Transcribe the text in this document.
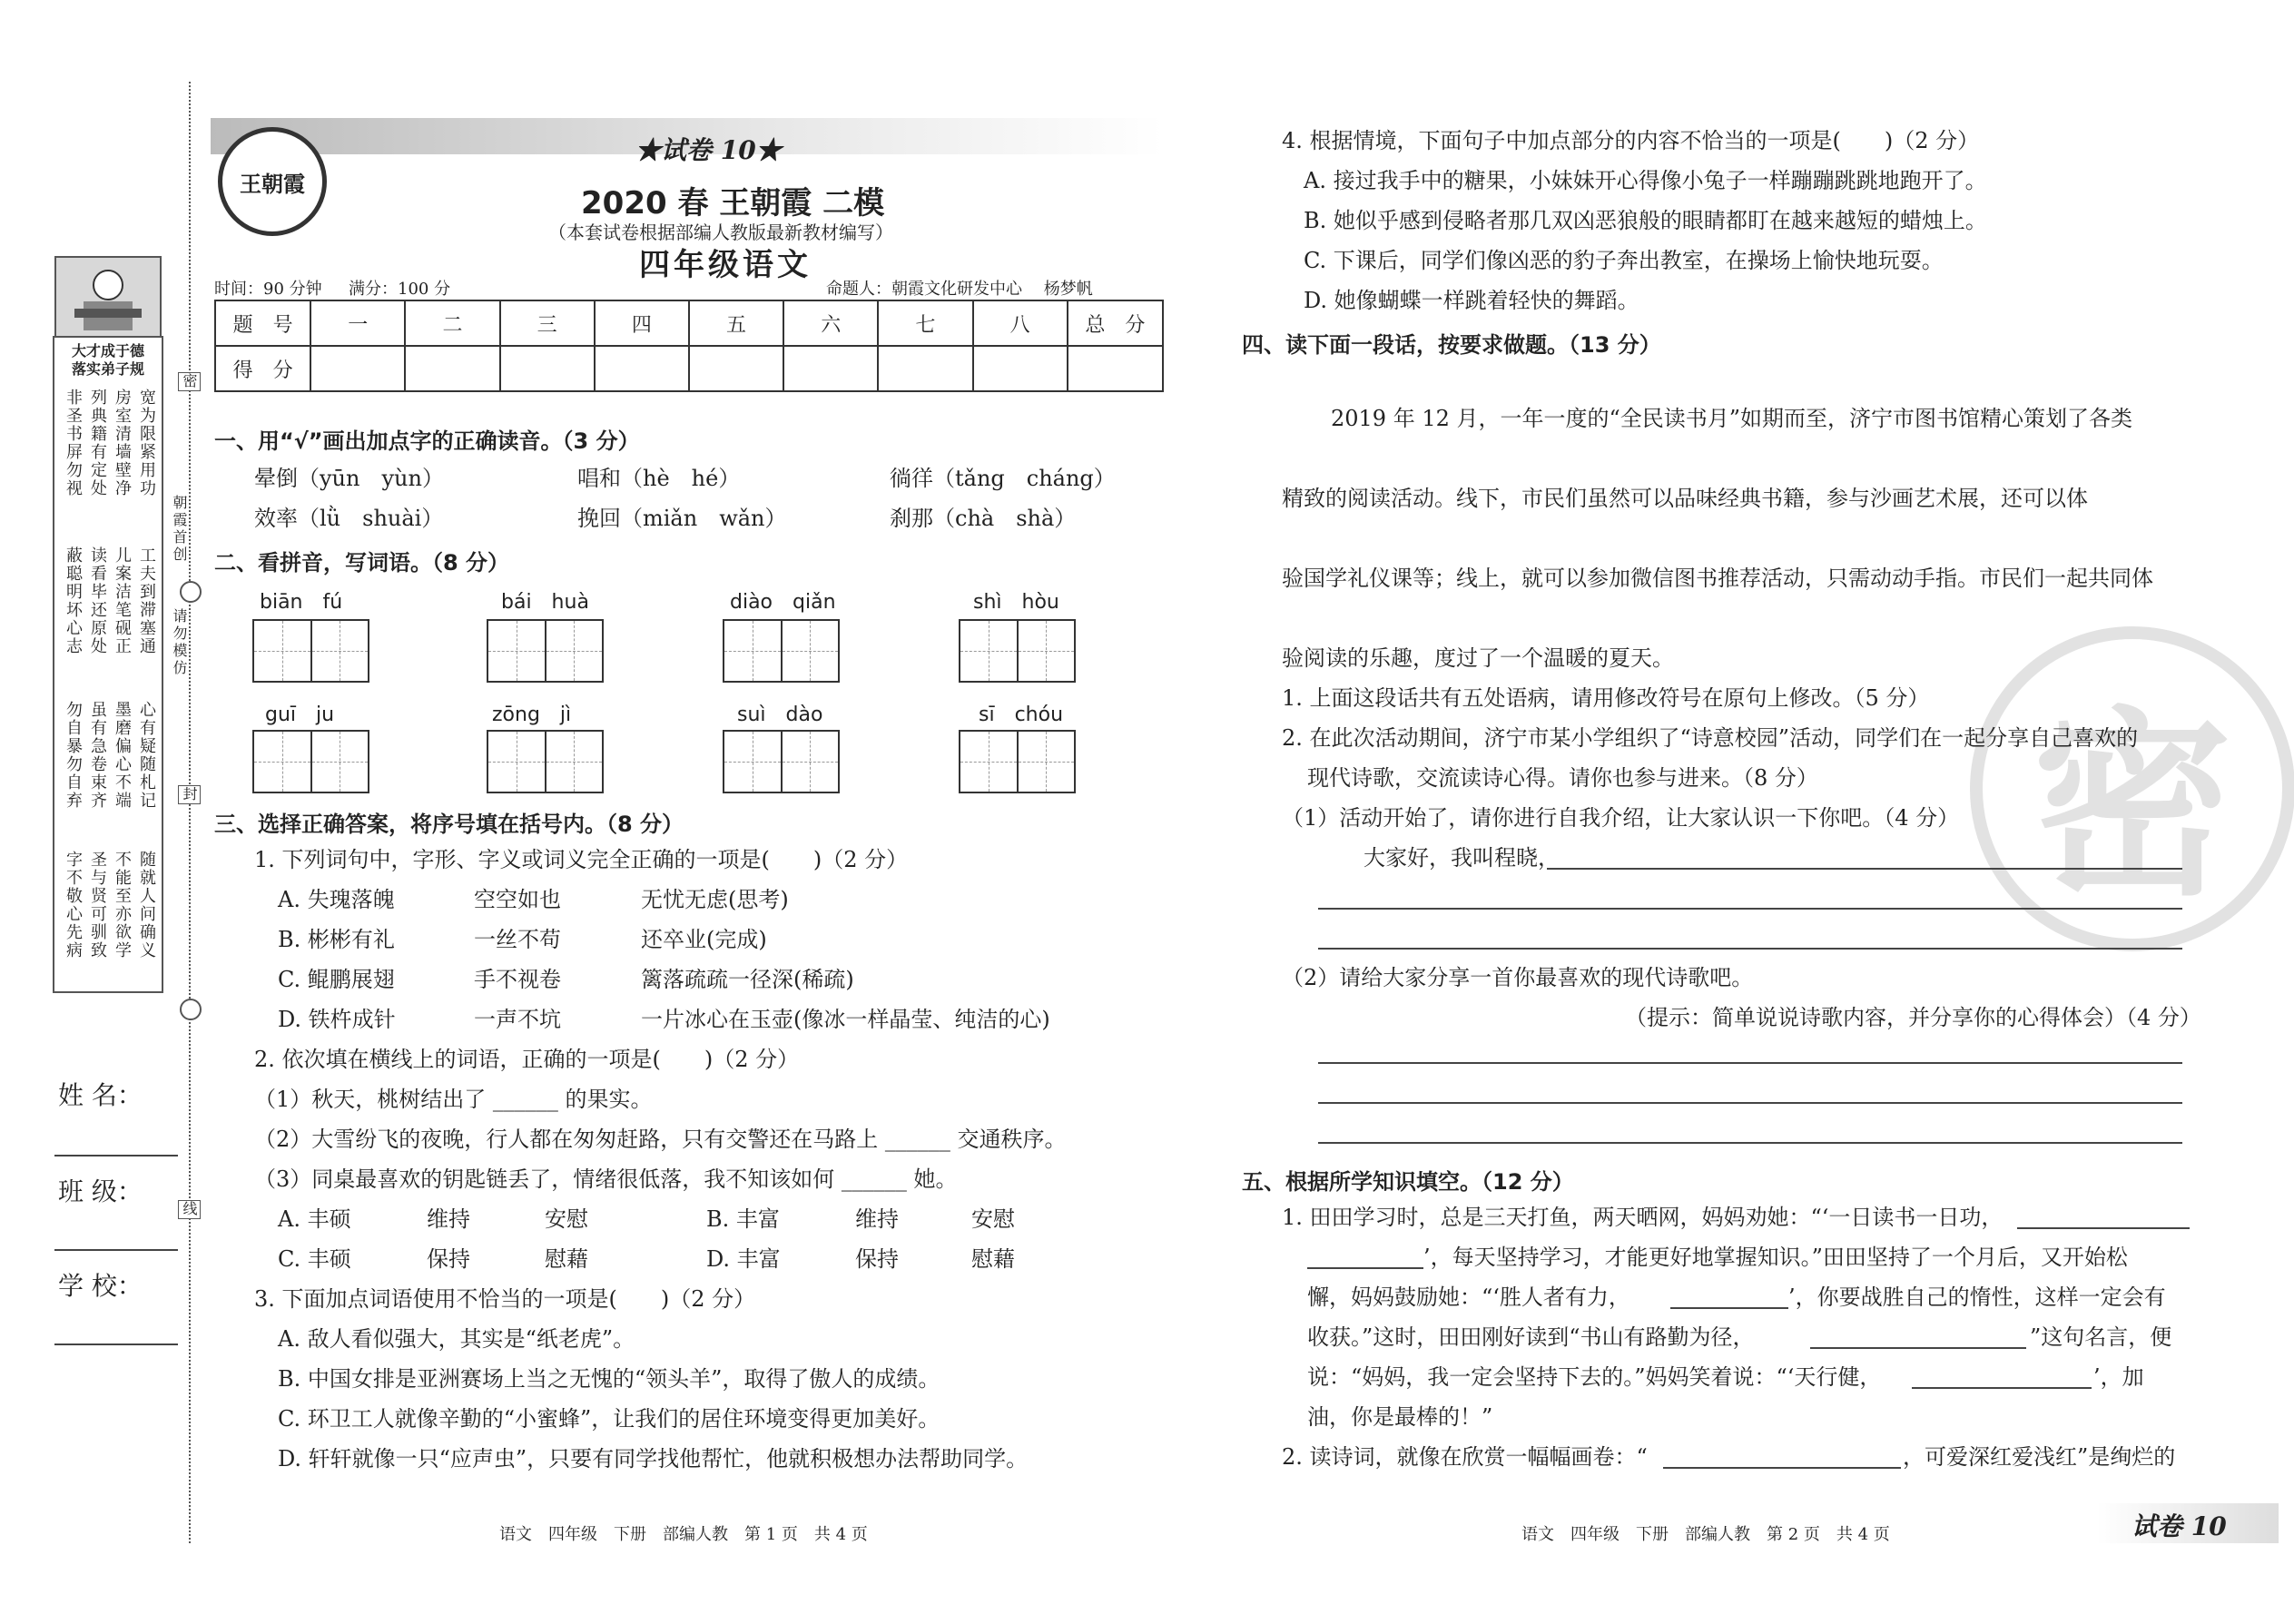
大才成于德
落实弟子规
宽为限紧用功
房室清墙壁净
列典籍有定处
非圣书屏勿视
工夫到滞塞通
儿案洁笔砚正
读看毕还原处
蔽聪明坏心志
心有疑随札记
墨磨偏心不端
虽有急卷束齐
勿自暴勿自弃
随就人问确义
不能至亦欲学
圣与贤可驯致
字不敬心先病
朝霞首创
请勿模仿
密
封
线
姓 名：
班 级：
学 校：
王朝霞
★试卷 10★
2020 春 王朝霞 二模
（本套试卷根据部编人教版最新教材编写）
四年级语文
时间：90 分钟 满分：100 分	命题人：朝霞文化研发中心　 杨梦帆
题　号	一	二	三	四	五	六	七	八	总　分
得　分									
一、用“√”画出加点字的正确读音。（3 分）
晕倒（yūn　yùn）	唱和（hè　hé）	徜徉（tǎng　cháng）
效率（lǜ　shuài）	挽回（miǎn　wǎn）	刹那（chà　shà）
二、看拼音，写词语。（8 分）
biān　fú	bái　huà	diào　qiǎn	shì　hòu
guī　ju	zōng　jì	suì　dào	sī　chóu
三、选择正确答案，将序号填在括号内。（8 分）
1. 下列词句中，字形、字义或词义完全正确的一项是(　　)（2 分）
A. 失瑰落魄	空空如也	无忧无虑(思考)
B. 彬彬有礼	一丝不苟	还卒业(完成)
C. 鲲鹏展翅	手不视卷	篱落疏疏一径深(稀疏)
D. 铁杵成针	一声不坑	一片冰心在玉壶(像冰一样晶莹、纯洁的心)
2. 依次填在横线上的词语，正确的一项是(　　)（2 分）
（1）秋天，桃树结出了 ______ 的果实。
（2）大雪纷飞的夜晚，行人都在匆匆赶路，只有交警还在马路上 ______ 交通秩序。
（3）同桌最喜欢的钥匙链丢了，情绪很低落，我不知该如何 ______ 她。
A. 丰硕	维持	安慰	B. 丰富	维持	安慰
C. 丰硕	保持	慰藉	D. 丰富	保持	慰藉
3. 下面加点词语使用不恰当的一项是(　　)（2 分）
A. 敌人看似强大，其实是“纸老虎”。
B. 中国女排是亚洲赛场上当之无愧的“领头羊”，取得了傲人的成绩。
C. 环卫工人就像辛勤的“小蜜蜂”，让我们的居住环境变得更加美好。
D. 轩轩就像一只“应声虫”，只要有同学找他帮忙，他就积极想办法帮助同学。
语文　四年级　下册　部编人教　第 1 页　共 4 页
密
4. 根据情境，下面句子中加点部分的内容不恰当的一项是(　　)（2 分）
A. 接过我手中的糖果，小妹妹开心得像小兔子一样蹦蹦跳跳地跑开了。
B. 她似乎感到侵略者那几双凶恶狼般的眼睛都盯在越来越短的蜡烛上。
C. 下课后，同学们像凶恶的豹子奔出教室，在操场上愉快地玩耍。
D. 她像蝴蝶一样跳着轻快的舞蹈。
四、读下面一段话，按要求做题。（13 分）
2019 年 12 月，一年一度的“全民读书月”如期而至，济宁市图书馆精心策划了各类
精致的阅读活动。线下，市民们虽然可以品味经典书籍，参与沙画艺术展，还可以体
验国学礼仪课等；线上，就可以参加微信图书推荐活动，只需动动手指。市民们一起共同体
验阅读的乐趣，度过了一个温暖的夏天。
1. 上面这段话共有五处语病，请用修改符号在原句上修改。（5 分）
2. 在此次活动期间，济宁市某小学组织了“诗意校园”活动，同学们在一起分享自己喜欢的
现代诗歌，交流读诗心得。请你也参与进来。（8 分）
（1）活动开始了，请你进行自我介绍，让大家认识一下你吧。（4 分）
大家好，我叫程晓，
（2）请给大家分享一首你最喜欢的现代诗歌吧。
（提示：简单说说诗歌内容，并分享你的心得体会）（4 分）
五、根据所学知识填空。（12 分）
1. 田田学习时，总是三天打鱼，两天晒网，妈妈劝她：“‘一日读书一日功，
’，每天坚持学习，才能更好地掌握知识。”田田坚持了一个月后，又开始松
懈，妈妈鼓励她：“‘胜人者有力，	’，你要战胜自己的惰性，这样一定会有
收获。”这时，田田刚好读到“书山有路勤为径，	”这句名言，便
说：“妈妈，我一定会坚持下去的。”妈妈笑着说：“‘天行健，	’，加
油，你是最棒的！”
2. 读诗词，就像在欣赏一幅幅画卷：“	，可爱深红爱浅红”是绚烂的
语文　四年级　下册　部编人教　第 2 页　共 4 页	试卷 10
